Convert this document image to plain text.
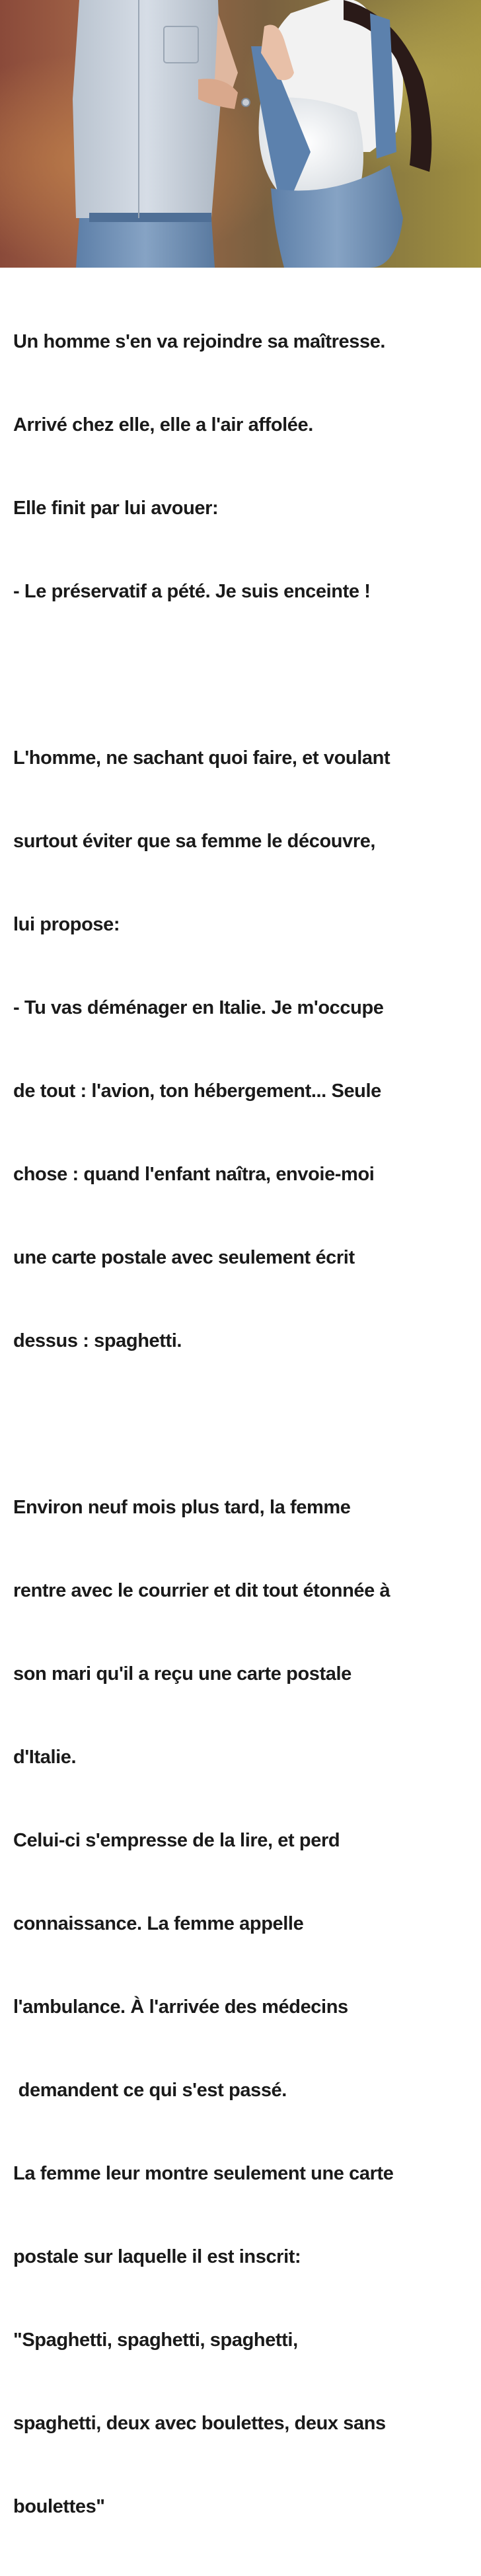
Un homme s'en va rejoindre sa maîtresse.

Arrivé chez elle, elle a l'air affolée.

Elle finit par lui avouer:

- Le préservatif a pété. Je suis enceinte !

L'homme, ne sachant quoi faire, et voulant

surtout éviter que sa femme le découvre,

lui propose:

- Tu vas déménager en Italie. Je m'occupe

de tout : l'avion, ton hébergement... Seule

chose : quand l'enfant naîtra, envoie-moi

une carte postale avec seulement écrit

dessus : spaghetti.

Environ neuf mois plus tard, la femme

rentre avec le courrier et dit tout étonnée à

son mari qu'il a reçu une carte postale

d'Italie.

Celui-ci s'empresse de la lire, et perd

connaissance. La femme appelle

l'ambulance. À l'arrivée des médecins

demandent ce qui s'est passé.

La femme leur montre seulement une carte

postale sur laquelle il est inscrit:

"Spaghetti, spaghetti, spaghetti,

spaghetti, deux avec boulettes, deux sans

boulettes"
